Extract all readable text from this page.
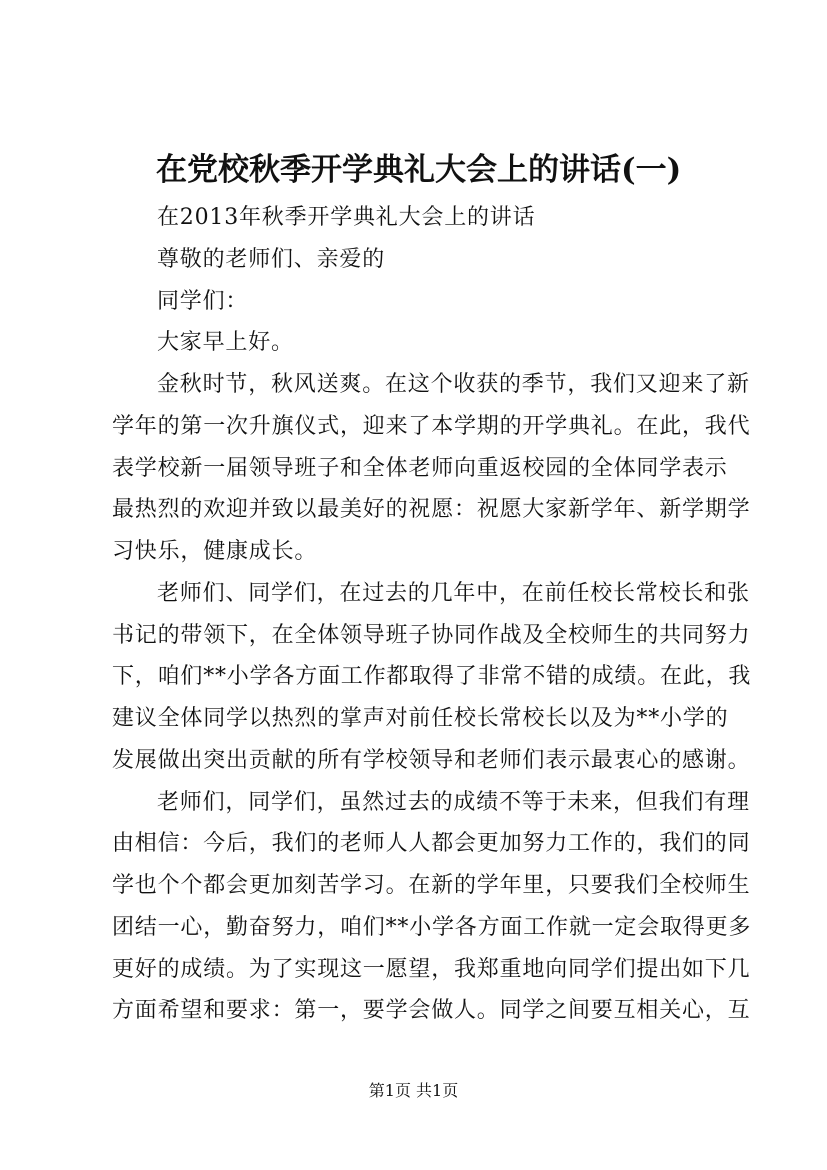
在党校秋季开学典礼大会上的讲话(一)
在2013年秋季开学典礼大会上的讲话
尊敬的老师们、亲爱的
同学们：
大家早上好。
金秋时节，秋风送爽。在这个收获的季节，我们又迎来了新
学年的第一次升旗仪式，迎来了本学期的开学典礼。在此，我代
表学校新一届领导班子和全体老师向重返校园的全体同学表示
最热烈的欢迎并致以最美好的祝愿：祝愿大家新学年、新学期学
习快乐，健康成长。
老师们、同学们，在过去的几年中，在前任校长常校长和张
书记的带领下，在全体领导班子协同作战及全校师生的共同努力
下，咱们**小学各方面工作都取得了非常不错的成绩。在此，我
建议全体同学以热烈的掌声对前任校长常校长以及为**小学的
发展做出突出贡献的所有学校领导和老师们表示最衷心的感谢。
老师们，同学们，虽然过去的成绩不等于未来，但我们有理
由相信：今后，我们的老师人人都会更加努力工作的，我们的同
学也个个都会更加刻苦学习。在新的学年里，只要我们全校师生
团结一心，勤奋努力，咱们**小学各方面工作就一定会取得更多
更好的成绩。为了实现这一愿望，我郑重地向同学们提出如下几
方面希望和要求：第一，要学会做人。同学之间要互相关心，互
第1页 共1页
